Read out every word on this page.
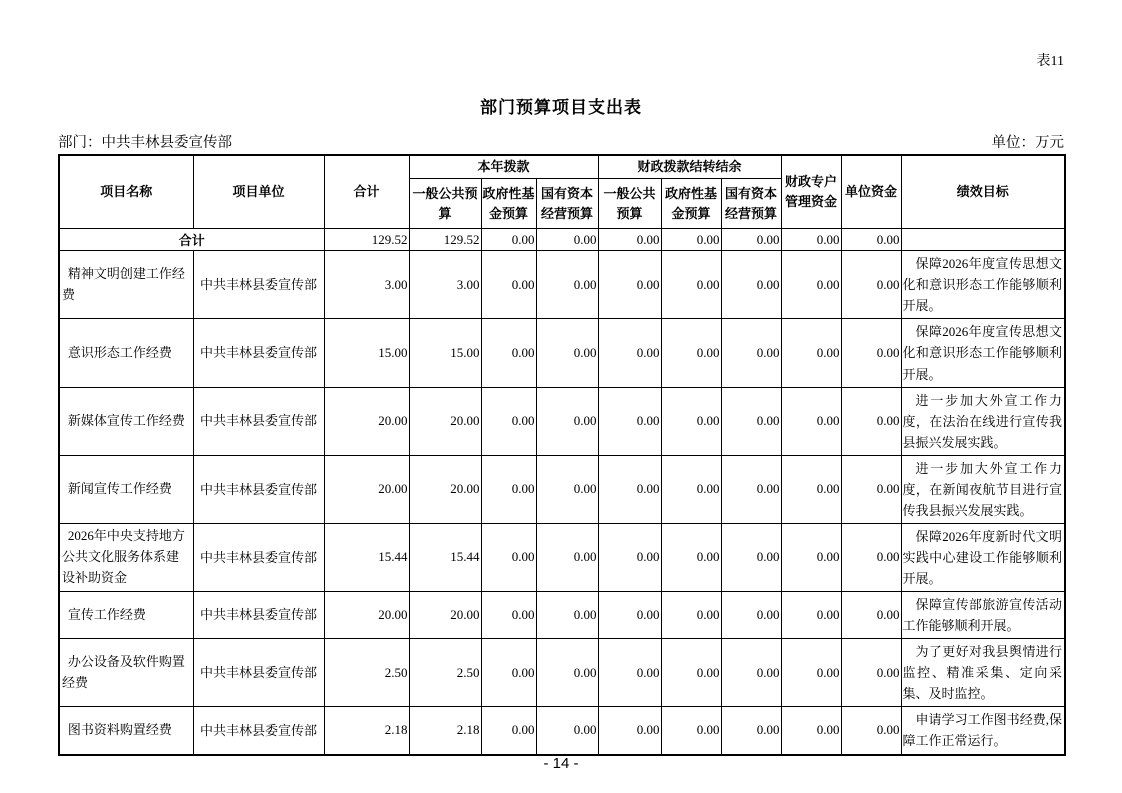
表11
部门预算项目支出表
部门：中共丰林县委宣传部	单位：万元
项目名称	项目单位	合计	本年拨款			财政拨款结转结余			财政专户管理资金	单位资金	绩效目标
			一般公共预算	政府性基金预算	国有资本经营预算	一般公共预算	政府性基金预算	国有资本经营预算			
合计		129.52	129.52	0.00	0.00	0.00	0.00	0.00	0.00	0.00	
精神文明创建工作经费	中共丰林县委宣传部	3.00	3.00	0.00	0.00	0.00	0.00	0.00	0.00	0.00	保障2026年度宣传思想文化和意识形态工作能够顺利开展。
意识形态工作经费	中共丰林县委宣传部	15.00	15.00	0.00	0.00	0.00	0.00	0.00	0.00	0.00	保障2026年度宣传思想文化和意识形态工作能够顺利开展。
新媒体宣传工作经费	中共丰林县委宣传部	20.00	20.00	0.00	0.00	0.00	0.00	0.00	0.00	0.00	进一步加大外宣工作力度，在法治在线进行宣传我县振兴发展实践。
新闻宣传工作经费	中共丰林县委宣传部	20.00	20.00	0.00	0.00	0.00	0.00	0.00	0.00	0.00	进一步加大外宣工作力度，在新闻夜航节目进行宣传我县振兴发展实践。
2026年中央支持地方公共文化服务体系建设补助资金	中共丰林县委宣传部	15.44	15.44	0.00	0.00	0.00	0.00	0.00	0.00	0.00	保障2026年度新时代文明实践中心建设工作能够顺利开展。
宣传工作经费	中共丰林县委宣传部	20.00	20.00	0.00	0.00	0.00	0.00	0.00	0.00	0.00	保障宣传部旅游宣传活动工作能够顺利开展。
办公设备及软件购置经费	中共丰林县委宣传部	2.50	2.50	0.00	0.00	0.00	0.00	0.00	0.00	0.00	为了更好对我县舆情进行监控、精准采集、定向采集、及时监控。
图书资料购置经费	中共丰林县委宣传部	2.18	2.18	0.00	0.00	0.00	0.00	0.00	0.00	0.00	申请学习工作图书经费,保障工作正常运行。
- 14 -
